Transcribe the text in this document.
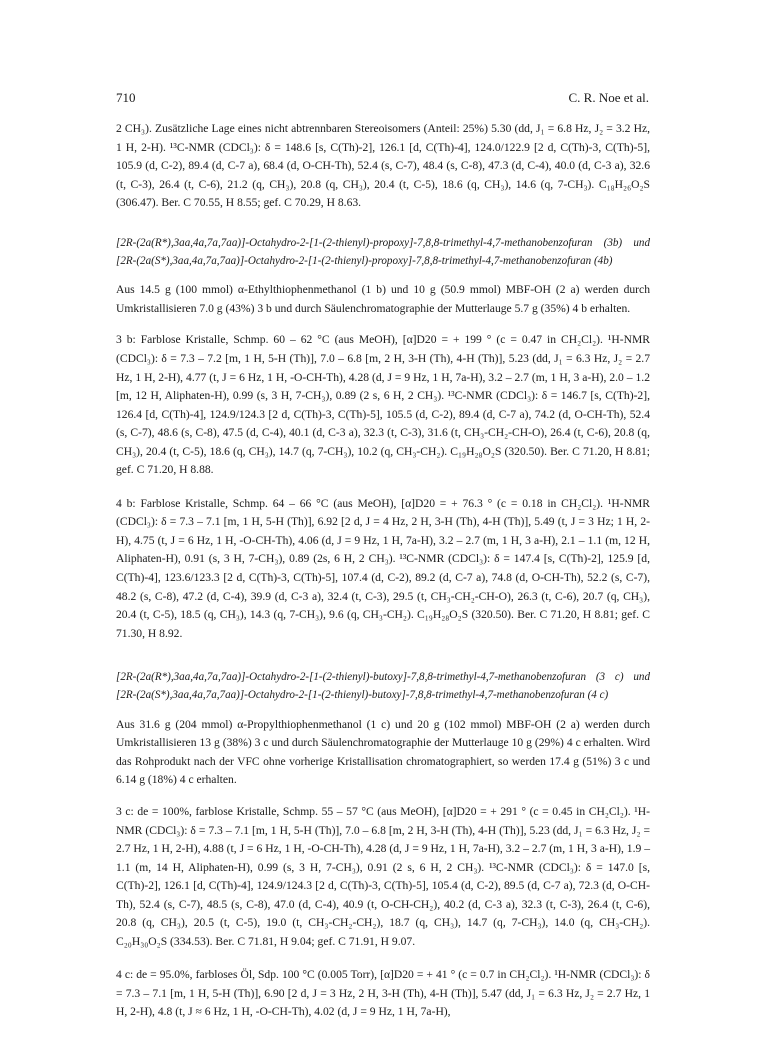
710	C. R. Noe et al.

2 CH₃). Zusätzliche Lage eines nicht abtrennbaren Stereoisomers (Anteil: 25%) 5.30 (dd, J₁ = 6.8 Hz, J₂ = 3.2 Hz, 1 H, 2-H). ¹³C-NMR (CDCl₃): δ = 148.6 [s, C(Th)-2], 126.1 [d, C(Th)-4], 124.0/122.9 [2 d, C(Th)-3, C(Th)-5], 105.9 (d, C-2), 89.4 (d, C-7 a), 68.4 (d, O-CH-Th), 52.4 (s, C-7), 48.4 (s, C-8), 47.3 (d, C-4), 40.0 (d, C-3 a), 32.6 (t, C-3), 26.4 (t, C-6), 21.2 (q, CH₃), 20.8 (q, CH₃), 20.4 (t, C-5), 18.6 (q, CH₃), 14.6 (q, 7-CH₃). C₁₈H₂₆O₂S (306.47). Ber. C 70.55, H 8.55; gef. C 70.29, H 8.63.

[2R-(2a(R*),3aa,4a,7a,7aa)]-Octahydro-2-[1-(2-thienyl)-propoxy]-7,8,8-trimethyl-4,7-methanobenzofuran (3b) und [2R-(2a(S*),3aa,4a,7a,7aa)]-Octahydro-2-[1-(2-thienyl)-propoxy]-7,8,8-trimethyl-4,7-methanobenzofuran (4b)

Aus 14.5 g (100 mmol) α-Ethylthiophenmethanol (1 b) und 10 g (50.9 mmol) MBF-OH (2 a) werden durch Umkristallisieren 7.0 g (43%) 3 b und durch Säulenchromatographie der Mutterlauge 5.7 g (35%) 4 b erhalten.

3 b: Farblose Kristalle, Schmp. 60 – 62 °C (aus MeOH), [α]D20 = + 199 ° (c = 0.47 in CH₂Cl₂). ¹H-NMR (CDCl₃): δ = 7.3 – 7.2 [m, 1 H, 5-H (Th)], 7.0 – 6.8 [m, 2 H, 3-H (Th), 4-H (Th)], 5.23 (dd, J₁ = 6.3 Hz, J₂ = 2.7 Hz, 1 H, 2-H), 4.77 (t, J = 6 Hz, 1 H, -O-CH-Th), 4.28 (d, J = 9 Hz, 1 H, 7a-H), 3.2 – 2.7 (m, 1 H, 3 a-H), 2.0 – 1.2 [m, 12 H, Aliphaten-H), 0.99 (s, 3 H, 7-CH₃), 0.89 (2 s, 6 H, 2 CH₃). ¹³C-NMR (CDCl₃): δ = 146.7 [s, C(Th)-2], 126.4 [d, C(Th)-4], 124.9/124.3 [2 d, C(Th)-3, C(Th)-5], 105.5 (d, C-2), 89.4 (d, C-7 a), 74.2 (d, O-CH-Th), 52.4 (s, C-7), 48.6 (s, C-8), 47.5 (d, C-4), 40.1 (d, C-3 a), 32.3 (t, C-3), 31.6 (t, CH₃-CH₂-CH-O), 26.4 (t, C-6), 20.8 (q, CH₃), 20.4 (t, C-5), 18.6 (q, CH₃), 14.7 (q, 7-CH₃), 10.2 (q, CH₃-CH₂). C₁₉H₂₈O₂S (320.50). Ber. C 71.20, H 8.81; gef. C 71.20, H 8.88.

4 b: Farblose Kristalle, Schmp. 64 – 66 °C (aus MeOH), [α]D20 = + 76.3 ° (c = 0.18 in CH₂Cl₂). ¹H-NMR (CDCl₃): δ = 7.3 – 7.1 [m, 1 H, 5-H (Th)], 6.92 [2 d, J = 4 Hz, 2 H, 3-H (Th), 4-H (Th)], 5.49 (t, J = 3 Hz; 1 H, 2-H), 4.75 (t, J = 6 Hz, 1 H, -O-CH-Th), 4.06 (d, J = 9 Hz, 1 H, 7a-H), 3.2 – 2.7 (m, 1 H, 3 a-H), 2.1 – 1.1 (m, 12 H, Aliphaten-H), 0.91 (s, 3 H, 7-CH₃), 0.89 (2s, 6 H, 2 CH₃). ¹³C-NMR (CDCl₃): δ = 147.4 [s, C(Th)-2], 125.9 [d, C(Th)-4], 123.6/123.3 [2 d, C(Th)-3, C(Th)-5], 107.4 (d, C-2), 89.2 (d, C-7 a), 74.8 (d, O-CH-Th), 52.2 (s, C-7), 48.2 (s, C-8), 47.2 (d, C-4), 39.9 (d, C-3 a), 32.4 (t, C-3), 29.5 (t, CH₃-CH₂-CH-O), 26.3 (t, C-6), 20.7 (q, CH₃), 20.4 (t, C-5), 18.5 (q, CH₃), 14.3 (q, 7-CH₃), 9.6 (q, CH₃-CH₂). C₁₉H₂₈O₂S (320.50). Ber. C 71.20, H 8.81; gef. C 71.30, H 8.92.

[2R-(2a(R*),3aa,4a,7a,7aa)]-Octahydro-2-[1-(2-thienyl)-butoxy]-7,8,8-trimethyl-4,7-methanobenzofuran (3 c) und [2R-(2a(S*),3aa,4a,7a,7aa)]-Octahydro-2-[1-(2-thienyl)-butoxy]-7,8,8-trimethyl-4,7-methanobenzofuran (4 c)

Aus 31.6 g (204 mmol) α-Propylthiophenmethanol (1 c) und 20 g (102 mmol) MBF-OH (2 a) werden durch Umkristallisieren 13 g (38%) 3 c und durch Säulenchromatographie der Mutterlauge 10 g (29%) 4 c erhalten. Wird das Rohprodukt nach der VFC ohne vorherige Kristallisation chromatographiert, so werden 17.4 g (51%) 3 c und 6.14 g (18%) 4 c erhalten.

3 c: de = 100%, farblose Kristalle, Schmp. 55 – 57 °C (aus MeOH), [α]D20 = + 291 ° (c = 0.45 in CH₂Cl₂). ¹H-NMR (CDCl₃): δ = 7.3 – 7.1 [m, 1 H, 5-H (Th)], 7.0 – 6.8 [m, 2 H, 3-H (Th), 4-H (Th)], 5.23 (dd, J₁ = 6.3 Hz, J₂ = 2.7 Hz, 1 H, 2-H), 4.88 (t, J = 6 Hz, 1 H, -O-CH-Th), 4.28 (d, J = 9 Hz, 1 H, 7a-H), 3.2 – 2.7 (m, 1 H, 3 a-H), 1.9 – 1.1 (m, 14 H, Aliphaten-H), 0.99 (s, 3 H, 7-CH₃), 0.91 (2 s, 6 H, 2 CH₃). ¹³C-NMR (CDCl₃): δ = 147.0 [s, C(Th)-2], 126.1 [d, C(Th)-4], 124.9/124.3 [2 d, C(Th)-3, C(Th)-5], 105.4 (d, C-2), 89.5 (d, C-7 a), 72.3 (d, O-CH-Th), 52.4 (s, C-7), 48.5 (s, C-8), 47.0 (d, C-4), 40.9 (t, O-CH-CH₂), 40.2 (d, C-3 a), 32.3 (t, C-3), 26.4 (t, C-6), 20.8 (q, CH₃), 20.5 (t, C-5), 19.0 (t, CH₃-CH₂-CH₂), 18.7 (q, CH₃), 14.7 (q, 7-CH₃), 14.0 (q, CH₃-CH₂). C₂₀H₃₀O₂S (334.53). Ber. C 71.81, H 9.04; gef. C 71.91, H 9.07.

4 c: de = 95.0%, farbloses Öl, Sdp. 100 °C (0.005 Torr), [α]D20 = + 41 ° (c = 0.7 in CH₂Cl₂). ¹H-NMR (CDCl₃): δ = 7.3 – 7.1 [m, 1 H, 5-H (Th)], 6.90 [2 d, J = 3 Hz, 2 H, 3-H (Th), 4-H (Th)], 5.47 (dd, J₁ = 6.3 Hz, J₂ = 2.7 Hz, 1 H, 2-H), 4.8 (t, J ≈ 6 Hz, 1 H, -O-CH-Th), 4.02 (d, J = 9 Hz, 1 H, 7a-H),
